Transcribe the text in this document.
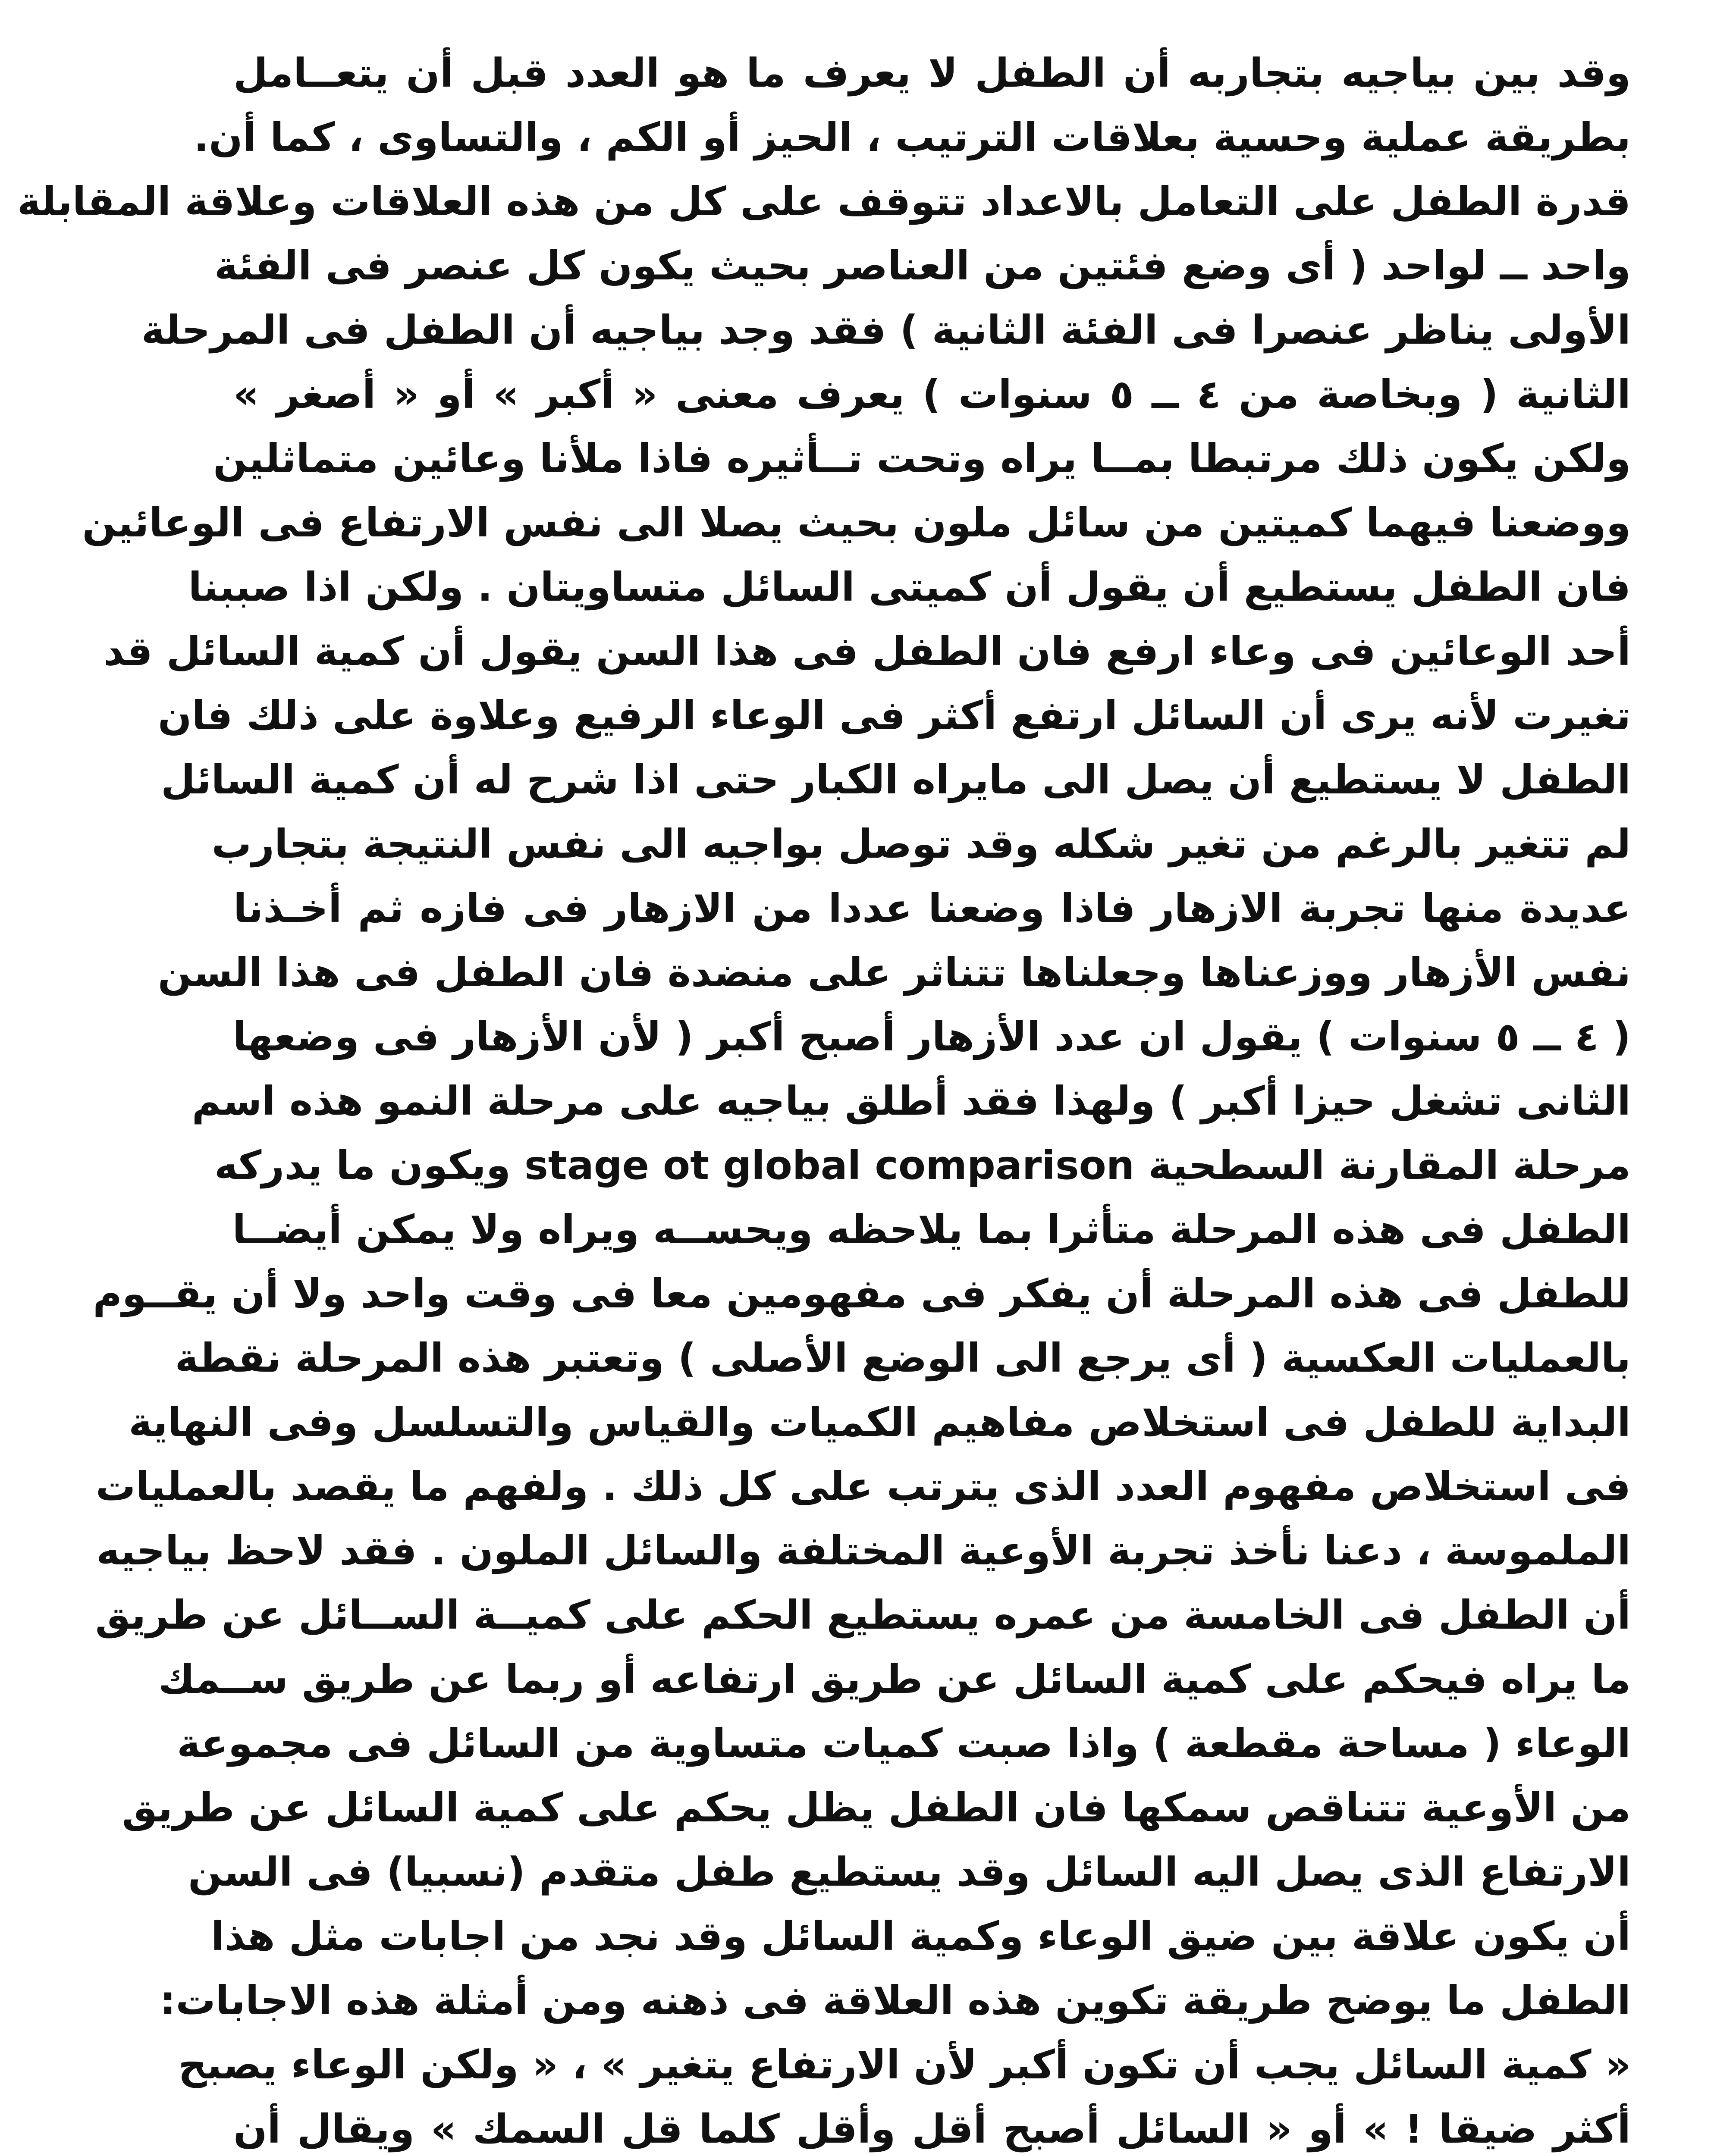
وقد بين بياجيه بتجاربه أن الطفل لا يعرف ما هو العدد قبل أن يتعــامل
بطريقة عملية وحسية بعلاقات الترتيب ، الحيز أو الكم ، والتساوى ، كما أن.
قدرة الطفل على التعامل بالاعداد تتوقف على كل من هذه العلاقات وعلاقة المقابلة
واحد ــ لواحد ( أى وضع فئتين من العناصر بحيث يكون كل عنصر فى الفئة
الأولى يناظر عنصرا فى الفئة الثانية ) فقد وجد بياجيه أن الطفل فى المرحلة
الثانية ( وبخاصة من ٤ ــ ٥ سنوات ) يعرف معنى « أكبر » أو « أصغر »
ولكن يكون ذلك مرتبطا بمــا يراه وتحت تــأثيره فاذا ملأنا وعائين متماثلين
ووضعنا فيهما كميتين من سائل ملون بحيث يصلا الى نفس الارتفاع فى الوعائين
فان الطفل يستطيع أن يقول أن كميتى السائل متساويتان . ولكن اذا صببنا
أحد الوعائين فى وعاء ارفع فان الطفل فى هذا السن يقول أن كمية السائل قد
تغيرت لأنه يرى أن السائل ارتفع أكثر فى الوعاء الرفيع وعلاوة على ذلك فان
الطفل لا يستطيع أن يصل الى مايراه الكبار حتى اذا شرح له أن كمية السائل
لم تتغير بالرغم من تغير شكله وقد توصل بواجيه الى نفس النتيجة بتجارب
عديدة منها تجربة الازهار فاذا وضعنا عددا من الازهار فى فازه ثم أخـذنا
نفس الأزهار ووزعناها وجعلناها تتناثر على منضدة فان الطفل فى هذا السن
( ٤ ــ ٥ سنوات ) يقول ان عدد الأزهار أصبح أكبر ( لأن الأزهار فى وضعها
الثانى تشغل حيزا أكبر ) ولهذا فقد أطلق بياجيه على مرحلة النمو هذه اسم
مرحلة المقارنة السطحية stage ot global comparison ويكون ما يدركه
الطفل فى هذه المرحلة متأثرا بما يلاحظه ويحســه ويراه ولا يمكن أيضــا
للطفل فى هذه المرحلة أن يفكر فى مفهومين معا فى وقت واحد ولا أن يقــوم
بالعمليات العكسية ( أى يرجع الى الوضع الأصلى ) وتعتبر هذه المرحلة نقطة
البداية للطفل فى استخلاص مفاهيم الكميات والقياس والتسلسل وفى النهاية
فى استخلاص مفهوم العدد الذى يترتب على كل ذلك . ولفهم ما يقصد بالعمليات
الملموسة ، دعنا نأخذ تجربة الأوعية المختلفة والسائل الملون . فقد لاحظ بياجيه
أن الطفل فى الخامسة من عمره يستطيع الحكم على كميــة الســائل عن طريق
ما يراه فيحكم على كمية السائل عن طريق ارتفاعه أو ربما عن طريق ســمك
الوعاء ( مساحة مقطعة ) واذا صبت كميات متساوية من السائل فى مجموعة
من الأوعية تتناقص سمكها فان الطفل يظل يحكم على كمية السائل عن طريق
الارتفاع الذى يصل اليه السائل وقد يستطيع طفل متقدم (نسبيا) فى السن
أن يكون علاقة بين ضيق الوعاء وكمية السائل وقد نجد من اجابات مثل هذا
الطفل ما يوضح طريقة تكوين هذه العلاقة فى ذهنه ومن أمثلة هذه الاجابات:
« كمية السائل يجب أن تكون أكبر لأن الارتفاع يتغير » ، « ولكن الوعاء يصبح
أكثر ضيقا ! » أو « السائل أصبح أقل وأقل كلما قل السمك » ويقال أن
